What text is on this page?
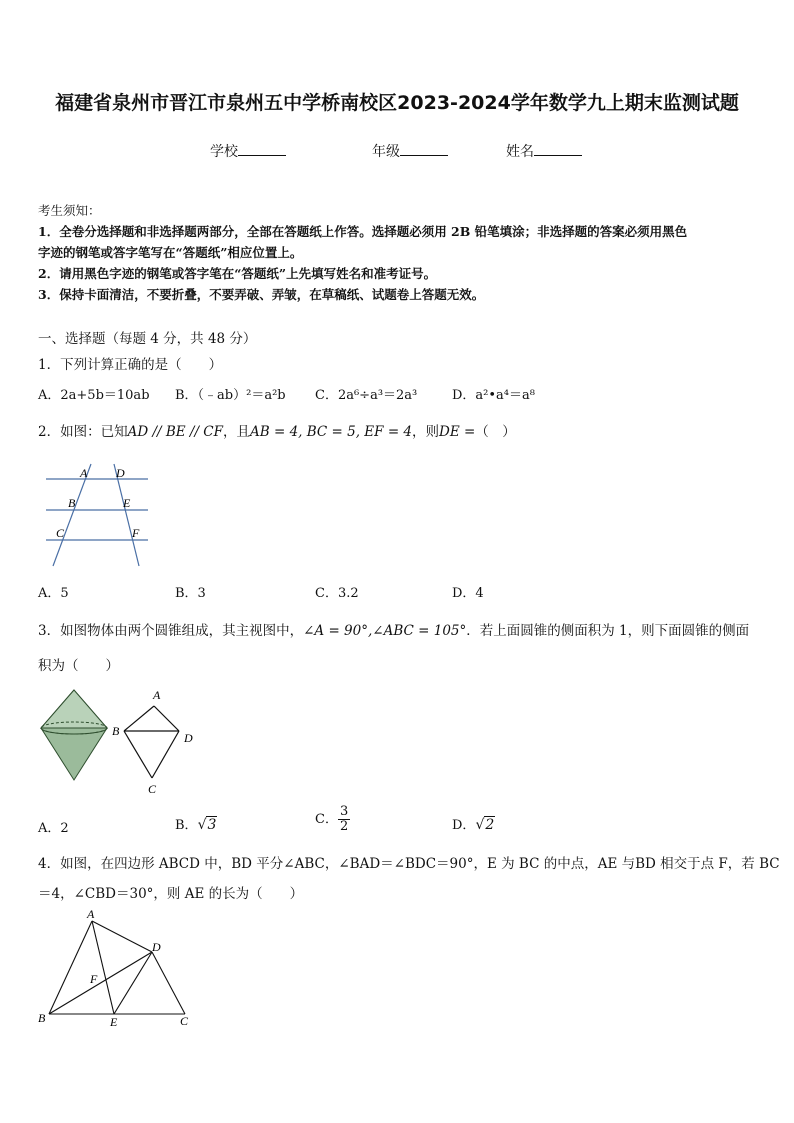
福建省泉州市晋江市泉州五中学桥南校区2023-2024学年数学九上期末监测试题
学校	年级	姓名
考生须知：
1．全卷分选择题和非选择题两部分，全部在答题纸上作答。选择题必须用 2B 铅笔填涂；非选择题的答案必须用黑色
字迹的钢笔或答字笔写在“答题纸”相应位置上。
2．请用黑色字迹的钢笔或答字笔在“答题纸”上先填写姓名和准考证号。
3．保持卡面清洁，不要折叠，不要弄破、弄皱，在草稿纸、试题卷上答题无效。
一、选择题（每题 4 分，共 48 分）
1．下列计算正确的是（　　）
A．2a+5b＝10ab B．（﹣ab）²＝a²b C．2a⁶÷a³＝2a³	D．a²•a⁴＝a⁸
2．如图：已知AD // BE // CF，且AB = 4, BC = 5, EF = 4，则DE =（　）
A D
B	E
C	F
A．5	B．3	C．3.2	D．4
3．如图物体由两个圆锥组成，其主视图中，∠A = 90°,∠ABC = 105°．若上面圆锥的侧面积为 1，则下面圆锥的侧面
积为（　　）
A
B	D
C
A．2	B．√3	C． $\frac{3}{2}$	D．√2
4．如图，在四边形 ABCD 中，BD 平分∠ABC，∠BAD＝∠BDC＝90°，E 为 BC 的中点，AE 与BD 相交于点 F，若 BC
＝4，∠CBD＝30°，则 AE 的长为（　　）
A
B	C
D
E
F
